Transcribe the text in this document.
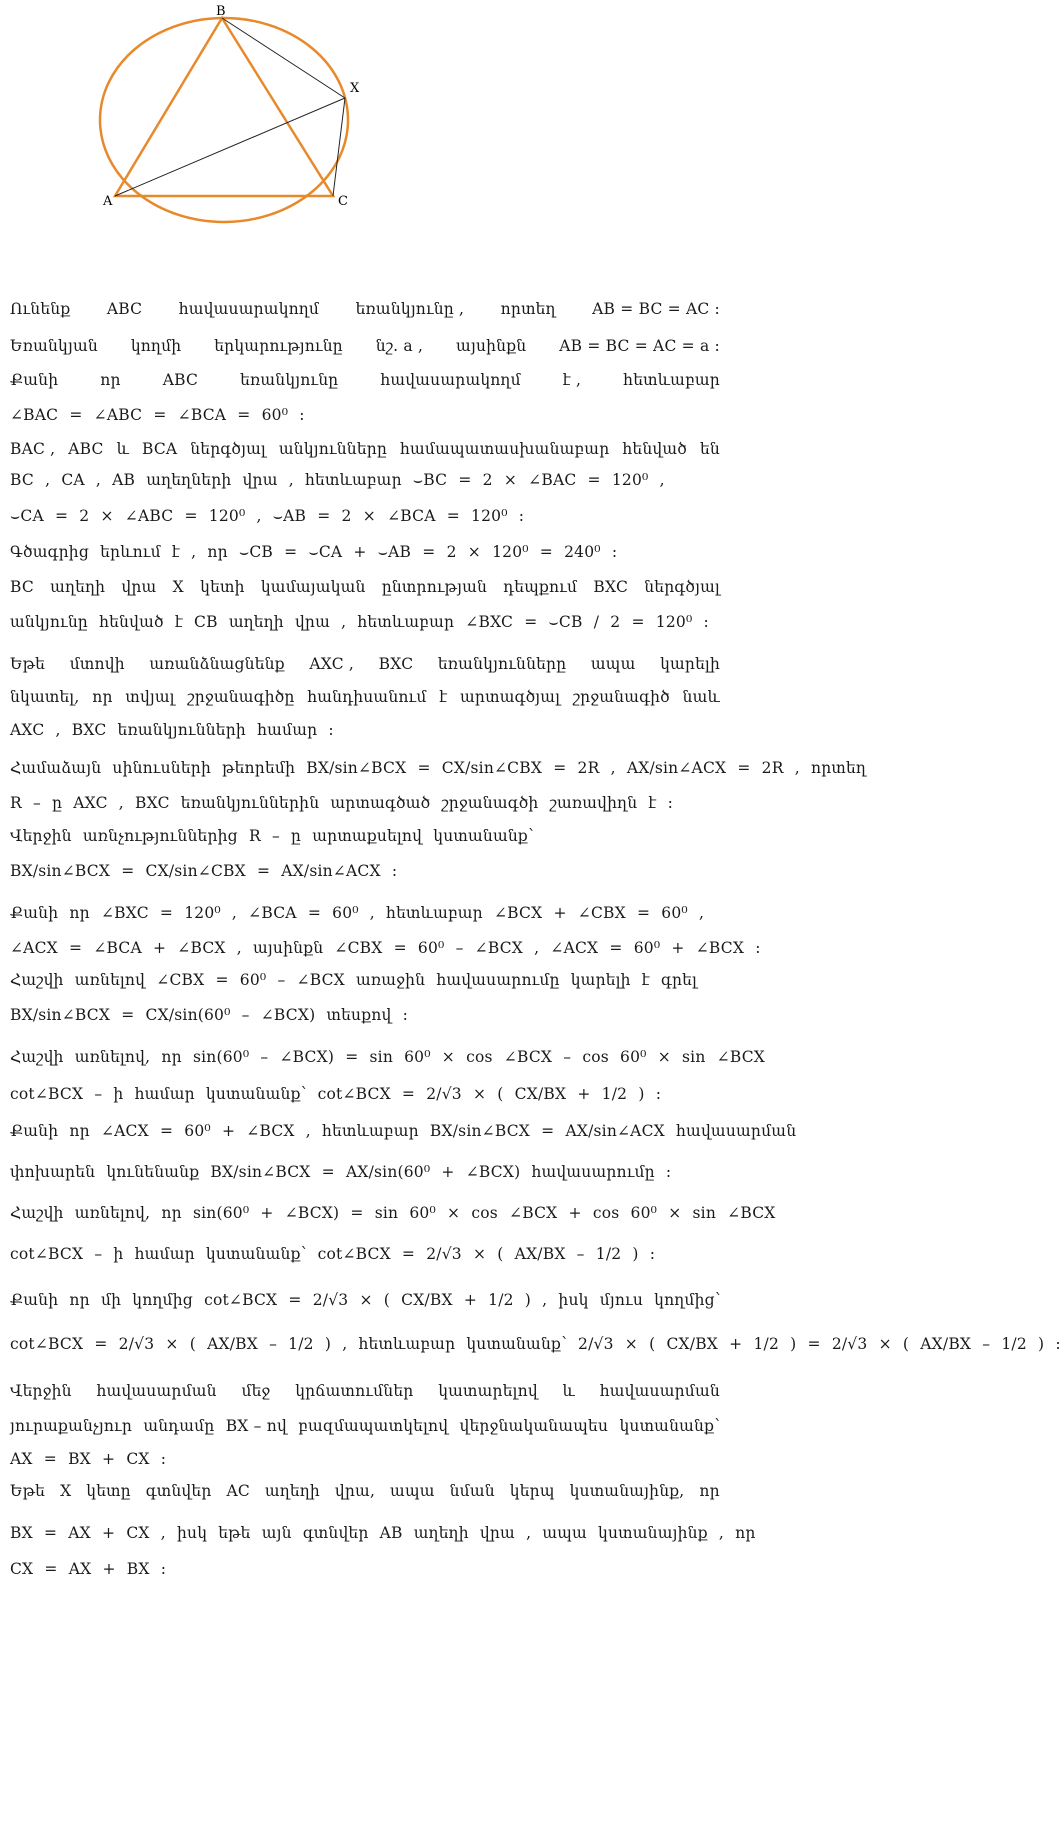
B
X
A	C
Ունենք ABC հավասարակողմ եռանկյունը , որտեղ AB = BC = AC :
Եռանկյան կողմի երկարությունը նշ. a , այսինքն AB = BC = AC = a :
Քանի	որ	ABC	եռանկյունը	հավասարակողմ	է ,	հետևաբար
∠BAC = ∠ABC = ∠BCA = 60⁰ :
BAC , ABC և BCA ներգծյալ անկյունները համապատասխանաբար հենված են
BC , CA , AB աղեղների վրա , հետևաբար ⌣BC = 2 × ∠BAC = 120⁰ ,
⌣CA = 2 × ∠ABC = 120⁰ , ⌣AB = 2 × ∠BCA = 120⁰ :
Գծագրից երևում է , որ ⌣CB = ⌣CA + ⌣AB = 2 × 120⁰ = 240⁰ :
BC աղեղի վրա X կետի կամայական ընտրության դեպքում BXC ներգծյալ
անկյունը հենված է CB աղեղի վրա , հետևաբար ∠BXC = ⌣CB / 2 = 120⁰ :
Եթե մտովի առանձնացնենք AXC , BXC եռանկյունները ապա կարելի
նկատել, որ տվյալ շրջանագիծը հանդիսանում է արտագծյալ շրջանագիծ նաև
AXC , BXC եռանկյունների համար :
Համաձայն սինուսների թեորեմի BX/sin∠BCX = CX/sin∠CBX = 2R , AX/sin∠ACX = 2R , որտեղ
R – ը AXC , BXC եռանկյուններին արտագծած շրջանագծի շառավիղն է :
Վերջին առնչություններից R – ը արտաքսելով կստանանք՝
BX/sin∠BCX = CX/sin∠CBX = AX/sin∠ACX :
Քանի որ ∠BXC = 120⁰ , ∠BCA = 60⁰ , հետևաբար ∠BCX + ∠CBX = 60⁰ ,
∠ACX = ∠BCA + ∠BCX , այսինքն ∠CBX = 60⁰ – ∠BCX , ∠ACX = 60⁰ + ∠BCX :
Հաշվի առնելով ∠CBX = 60⁰ – ∠BCX առաջին հավասարումը կարելի է գրել
BX/sin∠BCX = CX/sin(60⁰ – ∠BCX) տեսքով :
Հաշվի առնելով, որ sin(60⁰ – ∠BCX) = sin 60⁰ × cos ∠BCX – cos 60⁰ × sin ∠BCX
cot∠BCX – ի համար կստանանք՝ cot∠BCX = 2/√3 × ( CX/BX + 1/2 ) :
Քանի որ ∠ACX = 60⁰ + ∠BCX , հետևաբար BX/sin∠BCX = AX/sin∠ACX հավասարման
փոխարեն կունենանք BX/sin∠BCX = AX/sin(60⁰ + ∠BCX) հավասարումը :
Հաշվի առնելով, որ sin(60⁰ + ∠BCX) = sin 60⁰ × cos ∠BCX + cos 60⁰ × sin ∠BCX
cot∠BCX – ի համար կստանանք՝ cot∠BCX = 2/√3 × ( AX/BX – 1/2 ) :
Քանի որ մի կողմից cot∠BCX = 2/√3 × ( CX/BX + 1/2 ) , իսկ մյուս կողմից՝
cot∠BCX = 2/√3 × ( AX/BX – 1/2 ) , հետևաբար կստանանք՝ 2/√3 × ( CX/BX + 1/2 ) = 2/√3 × ( AX/BX – 1/2 ) :
Վերջին հավասարման մեջ կրճատումներ կատարելով և հավասարման
յուրաքանչյուր անդամը BX – ով բազմապատկելով վերջնականապես կստանանք՝
AX = BX + CX :
Եթե X կետը գտնվեր AC աղեղի վրա, ապա նման կերպ կստանայինք, որ
BX = AX + CX , իսկ եթե այն գտնվեր AB աղեղի վրա , ապա կստանայինք , որ
CX = AX + BX :
